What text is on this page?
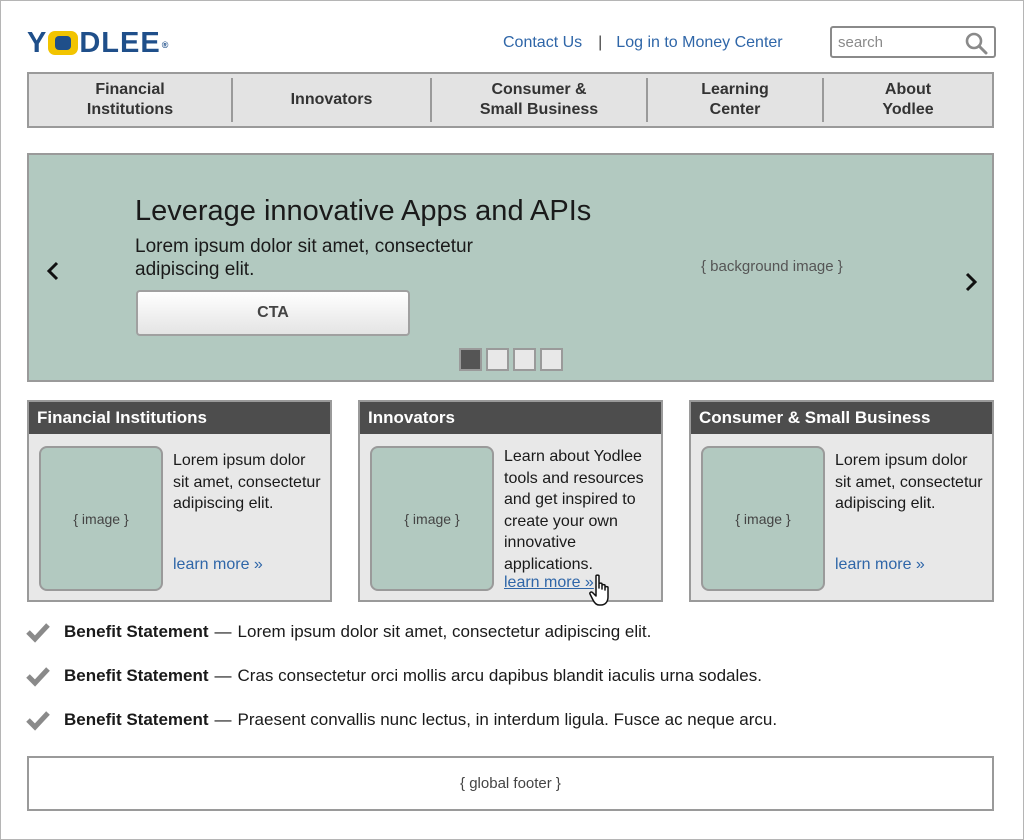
Y DLEE ®	Contact Us | Log in to Money Center
search
Financial Institutions
Innovators
Consumer & Small Business
Learning Center
About Yodlee
Leverage innovative Apps and APIs
Lorem ipsum dolor sit amet, consectetur adipiscing elit.
CTA
{ background image }
Financial Institutions
{ image }
Lorem ipsum dolor sit amet, consectetur adipiscing elit.
learn more »
Innovators
{ image }
Learn about Yodlee tools and resources and get inspired to create your own innovative applications.
learn more »
Consumer & Small Business
{ image }
Lorem ipsum dolor sit amet, consectetur adipiscing elit.
learn more »
Benefit Statement — Lorem ipsum dolor sit amet, consectetur adipiscing elit.
Benefit Statement — Cras consectetur orci mollis arcu dapibus blandit iaculis urna sodales.
Benefit Statement — Praesent convallis nunc lectus, in interdum ligula. Fusce ac neque arcu.
{ global footer }
